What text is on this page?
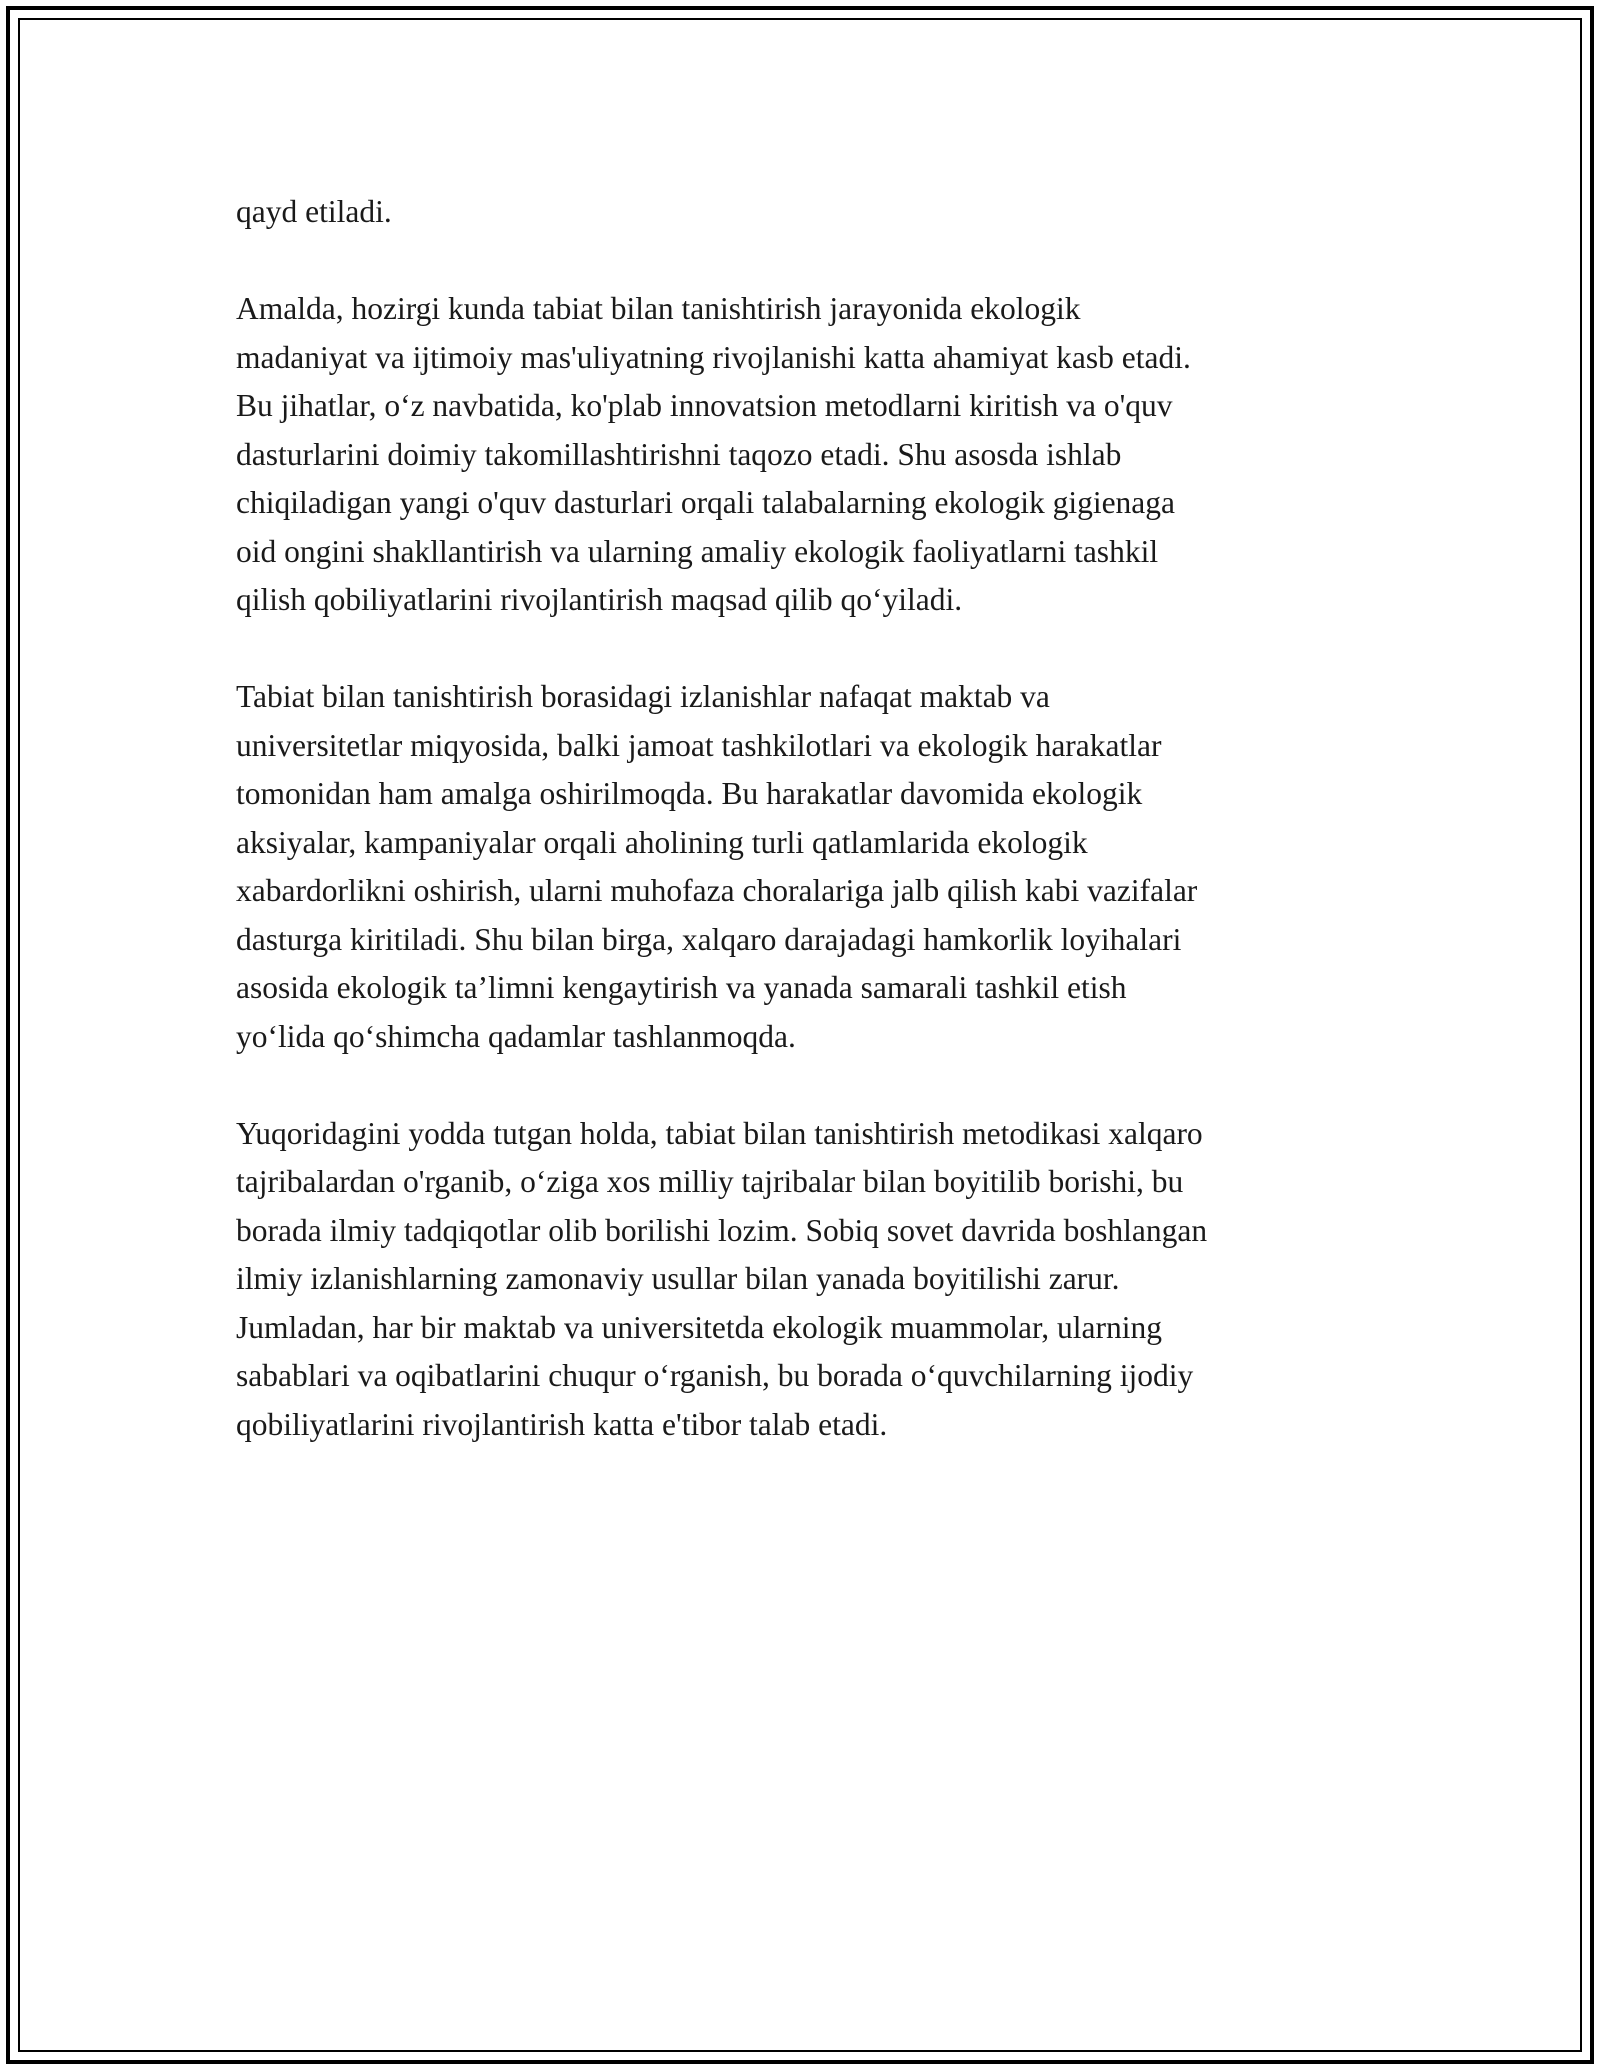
qayd etiladi.

Amalda, hozirgi kunda tabiat bilan tanishtirish jarayonida ekologik
madaniyat va ijtimoiy mas'uliyatning rivojlanishi katta ahamiyat kasb etadi.
Bu jihatlar, o‘z navbatida, ko'plab innovatsion metodlarni kiritish va o'quv
dasturlarini doimiy takomillashtirishni taqozo etadi. Shu asosda ishlab
chiqiladigan yangi o'quv dasturlari orqali talabalarning ekologik gigienaga
oid ongini shakllantirish va ularning amaliy ekologik faoliyatlarni tashkil
qilish qobiliyatlarini rivojlantirish maqsad qilib qo‘yiladi.

Tabiat bilan tanishtirish borasidagi izlanishlar nafaqat maktab va
universitetlar miqyosida, balki jamoat tashkilotlari va ekologik harakatlar
tomonidan ham amalga oshirilmoqda. Bu harakatlar davomida ekologik
aksiyalar, kampaniyalar orqali aholining turli qatlamlarida ekologik
xabardorlikni oshirish, ularni muhofaza choralariga jalb qilish kabi vazifalar
dasturga kiritiladi. Shu bilan birga, xalqaro darajadagi hamkorlik loyihalari
asosida ekologik ta’limni kengaytirish va yanada samarali tashkil etish
yo‘lida qo‘shimcha qadamlar tashlanmoqda.

Yuqoridagini yodda tutgan holda, tabiat bilan tanishtirish metodikasi xalqaro
tajribalardan o'rganib, o‘ziga xos milliy tajribalar bilan boyitilib borishi, bu
borada ilmiy tadqiqotlar olib borilishi lozim. Sobiq sovet davrida boshlangan
ilmiy izlanishlarning zamonaviy usullar bilan yanada boyitilishi zarur.
Jumladan, har bir maktab va universitetda ekologik muammolar, ularning
sabablari va oqibatlarini chuqur o‘rganish, bu borada o‘quvchilarning ijodiy
qobiliyatlarini rivojlantirish katta e'tibor talab etadi.
